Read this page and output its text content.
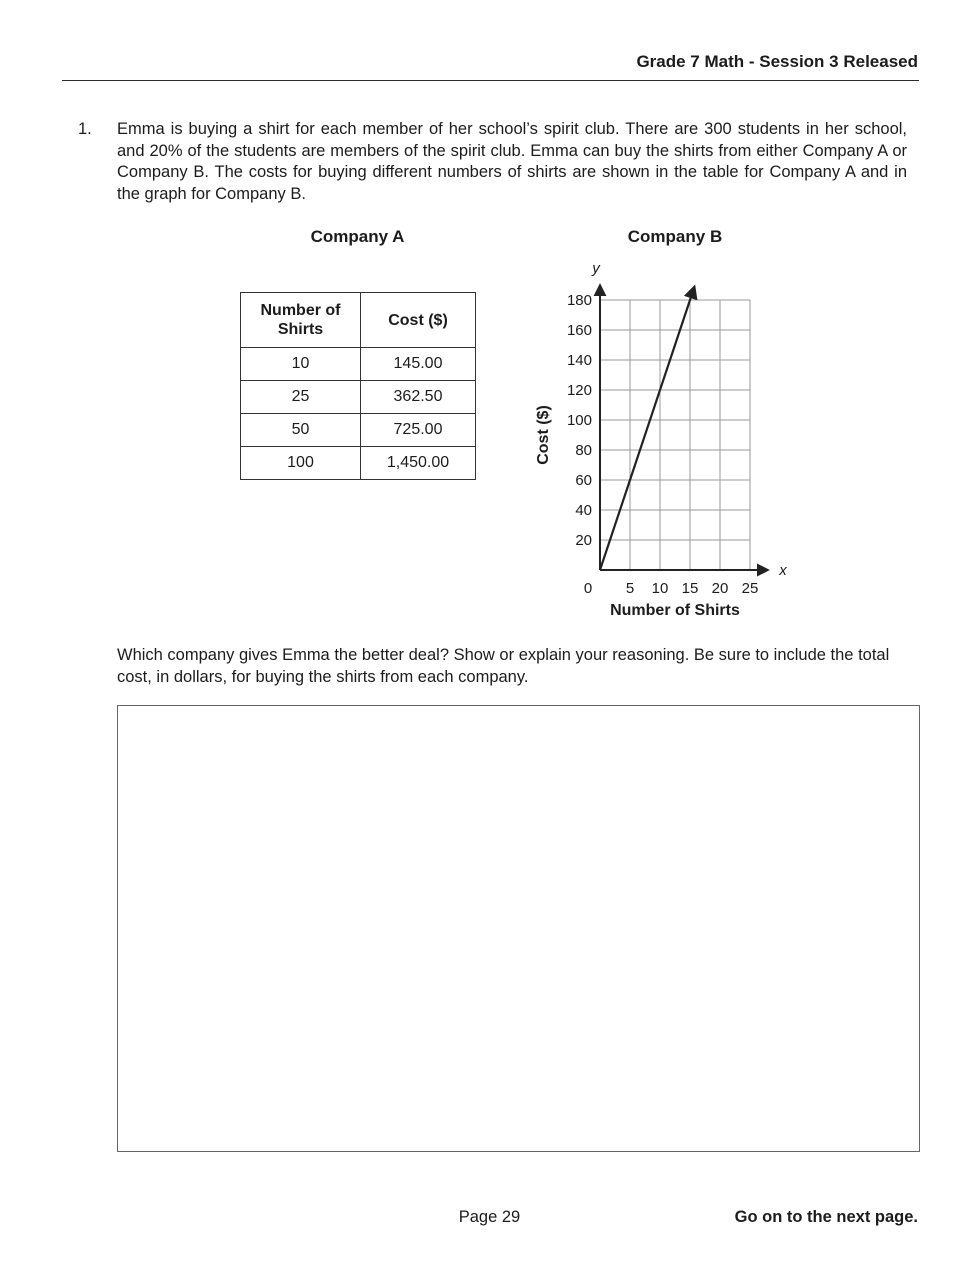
Grade 7 Math - Session 3 Released
1.	Emma is buying a shirt for each member of her school’s spirit club. There are 300 students in her school, and 20% of the students are members of the spirit club. Emma can buy the shirts from either Company A or Company B. The costs for buying different numbers of shirts are shown in the table for Company A and in the graph for Company B.
Company A	Company B
Number of Shirts	Cost ($)
10	145.00
25	362.50
50	725.00
100	1,450.00
y
x
180
160
140
120
100
80
60
40
20
0 5 10 15 20 25
Cost ($)
Number of Shirts
Which company gives Emma the better deal? Show or explain your reasoning. Be sure to include the total cost, in dollars, for buying the shirts from each company.
Page 29	Go on to the next page.
